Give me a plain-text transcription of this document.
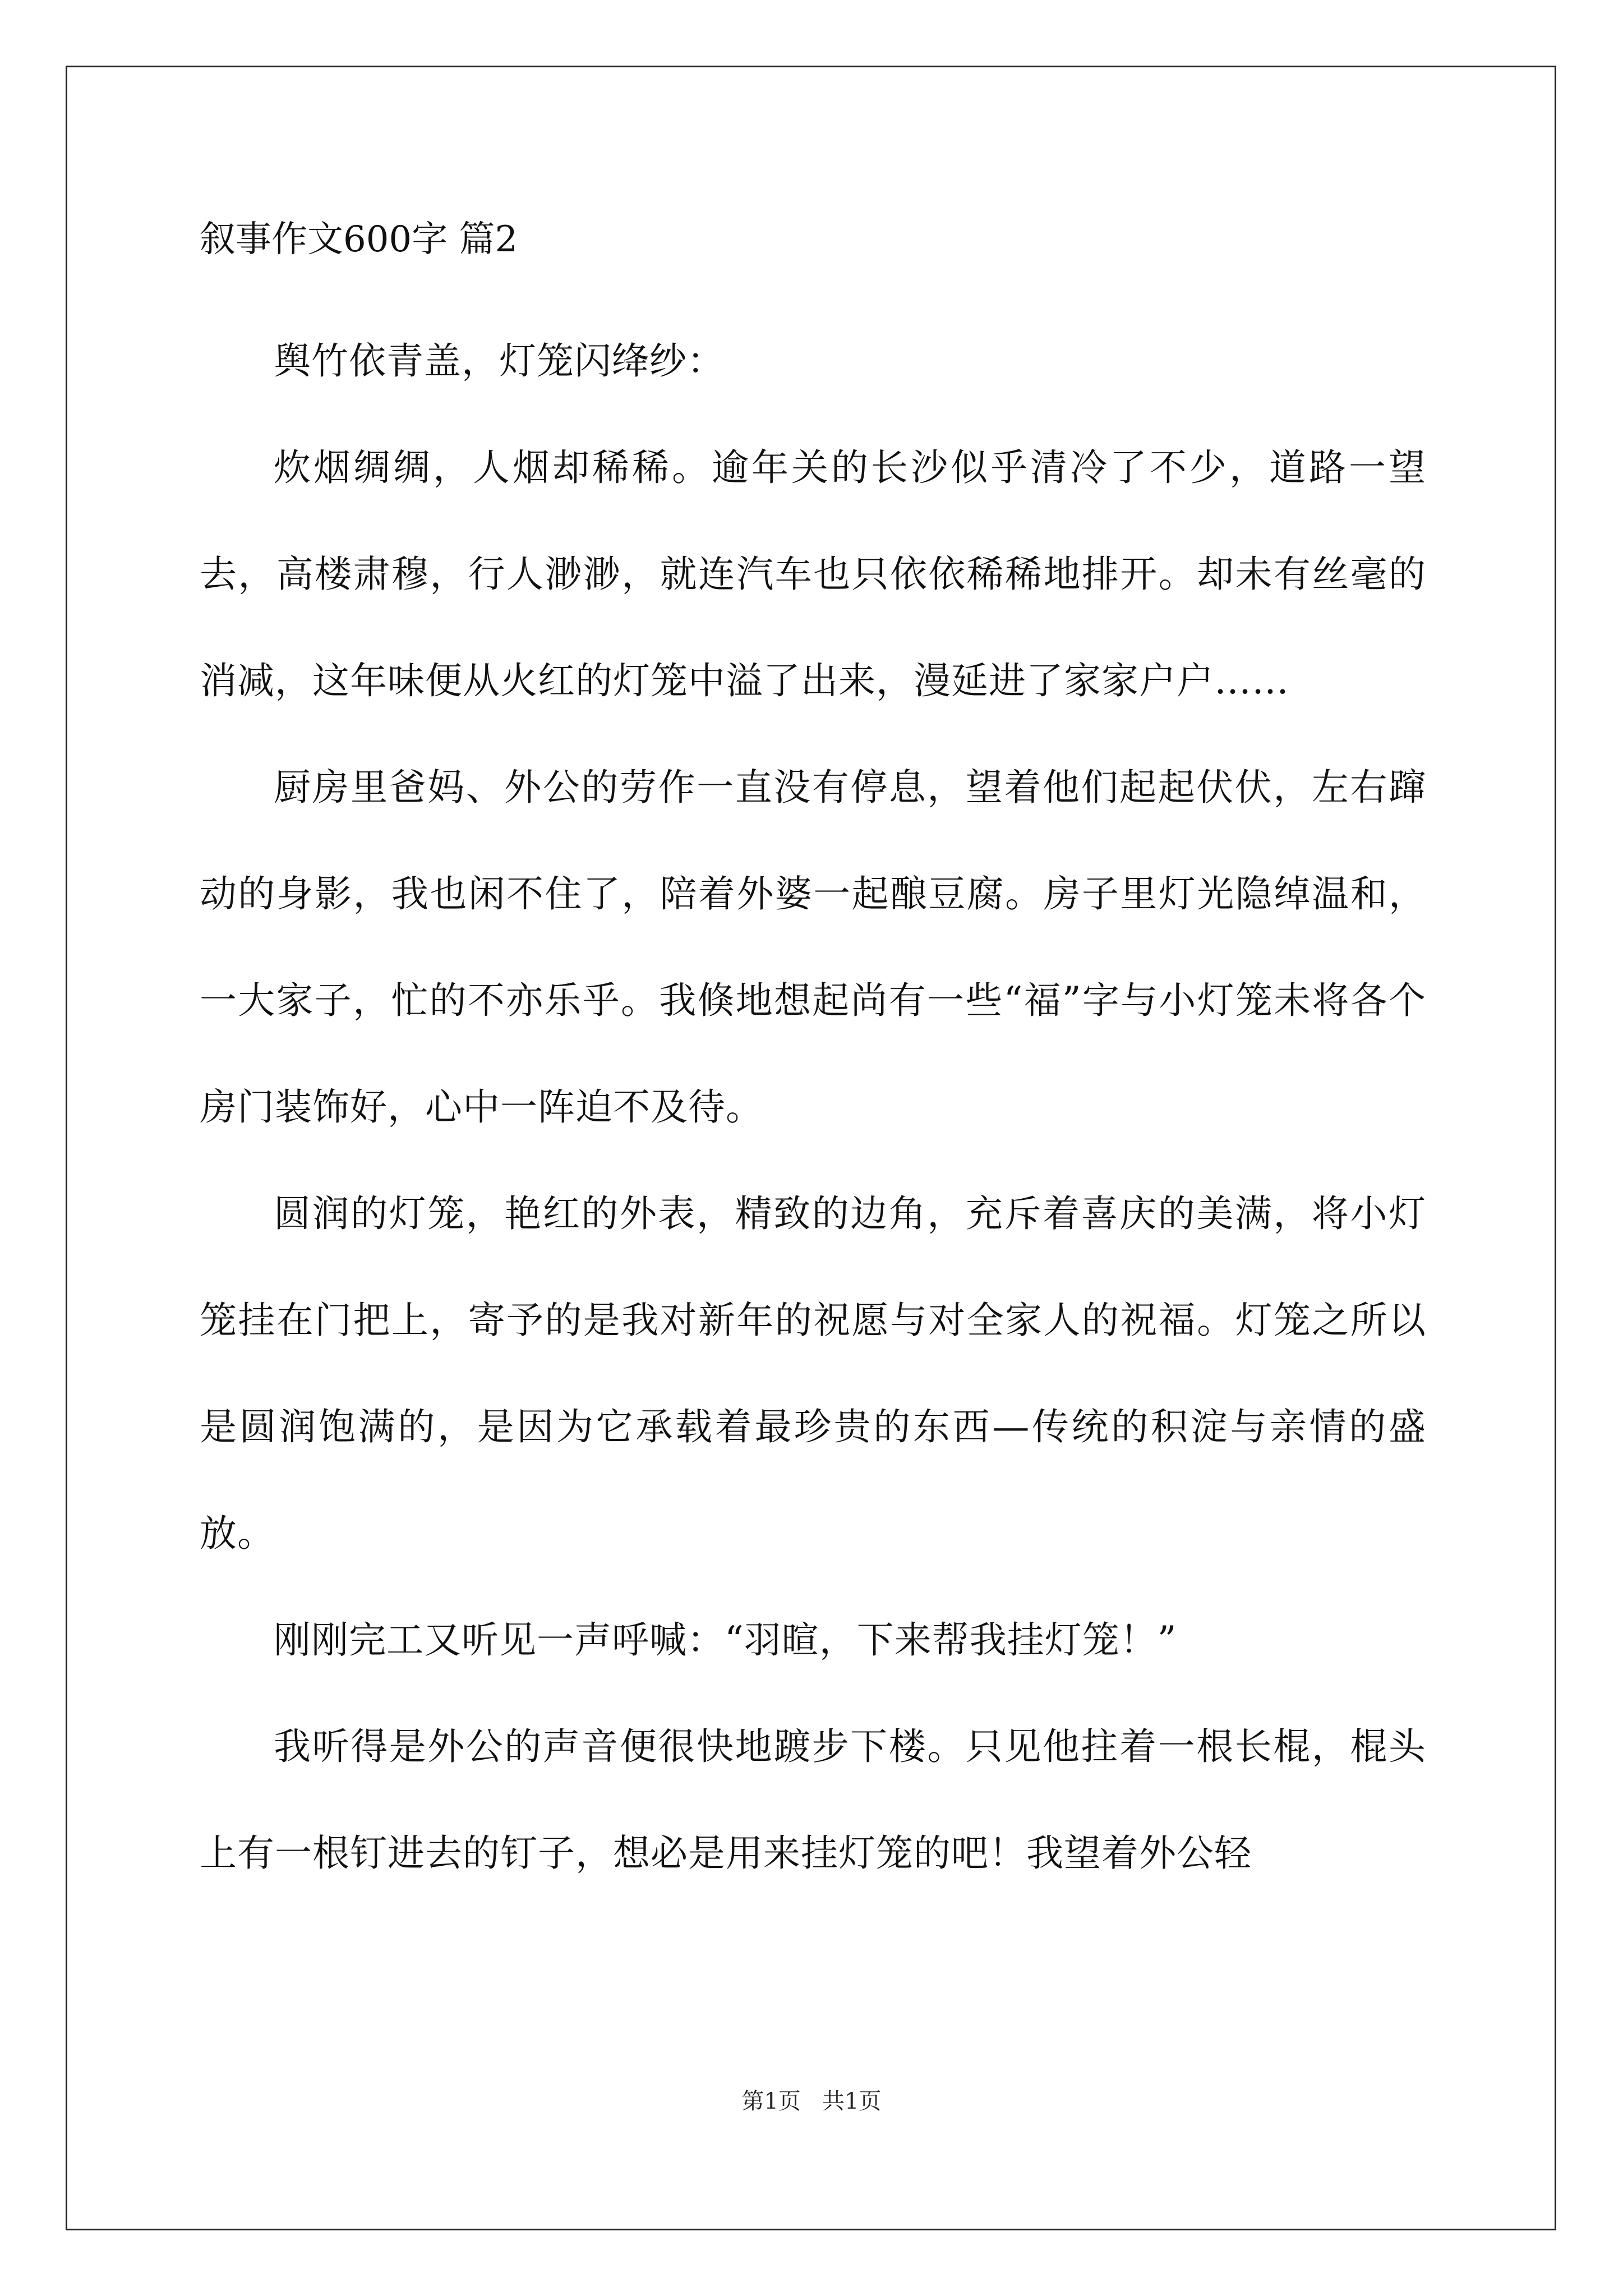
叙事作文600字 篇2

舆竹依青盖，灯笼闪绛纱：

炊烟绸绸，人烟却稀稀。逾年关的长沙似乎清冷了不少，道路一望去，高楼肃穆，行人渺渺，就连汽车也只依依稀稀地排开。却未有丝毫的消减，这年味便从火红的灯笼中溢了出来，漫延进了家家户户……

厨房里爸妈、外公的劳作一直没有停息，望着他们起起伏伏，左右蹿动的身影，我也闲不住了，陪着外婆一起酿豆腐。房子里灯光隐绰温和，一大家子，忙的不亦乐乎。我倏地想起尚有一些“福”字与小灯笼未将各个房门装饰好，心中一阵迫不及待。

圆润的灯笼，艳红的外表，精致的边角，充斥着喜庆的美满，将小灯笼挂在门把上，寄予的是我对新年的祝愿与对全家人的祝福。灯笼之所以是圆润饱满的，是因为它承载着最珍贵的东西—传统的积淀与亲情的盛放。

刚刚完工又听见一声呼喊：“羽暄，下来帮我挂灯笼！”

我听得是外公的声音便很快地踱步下楼。只见他拄着一根长棍，棍头上有一根钉进去的钉子，想必是用来挂灯笼的吧！我望着外公轻

第1页   共1页
